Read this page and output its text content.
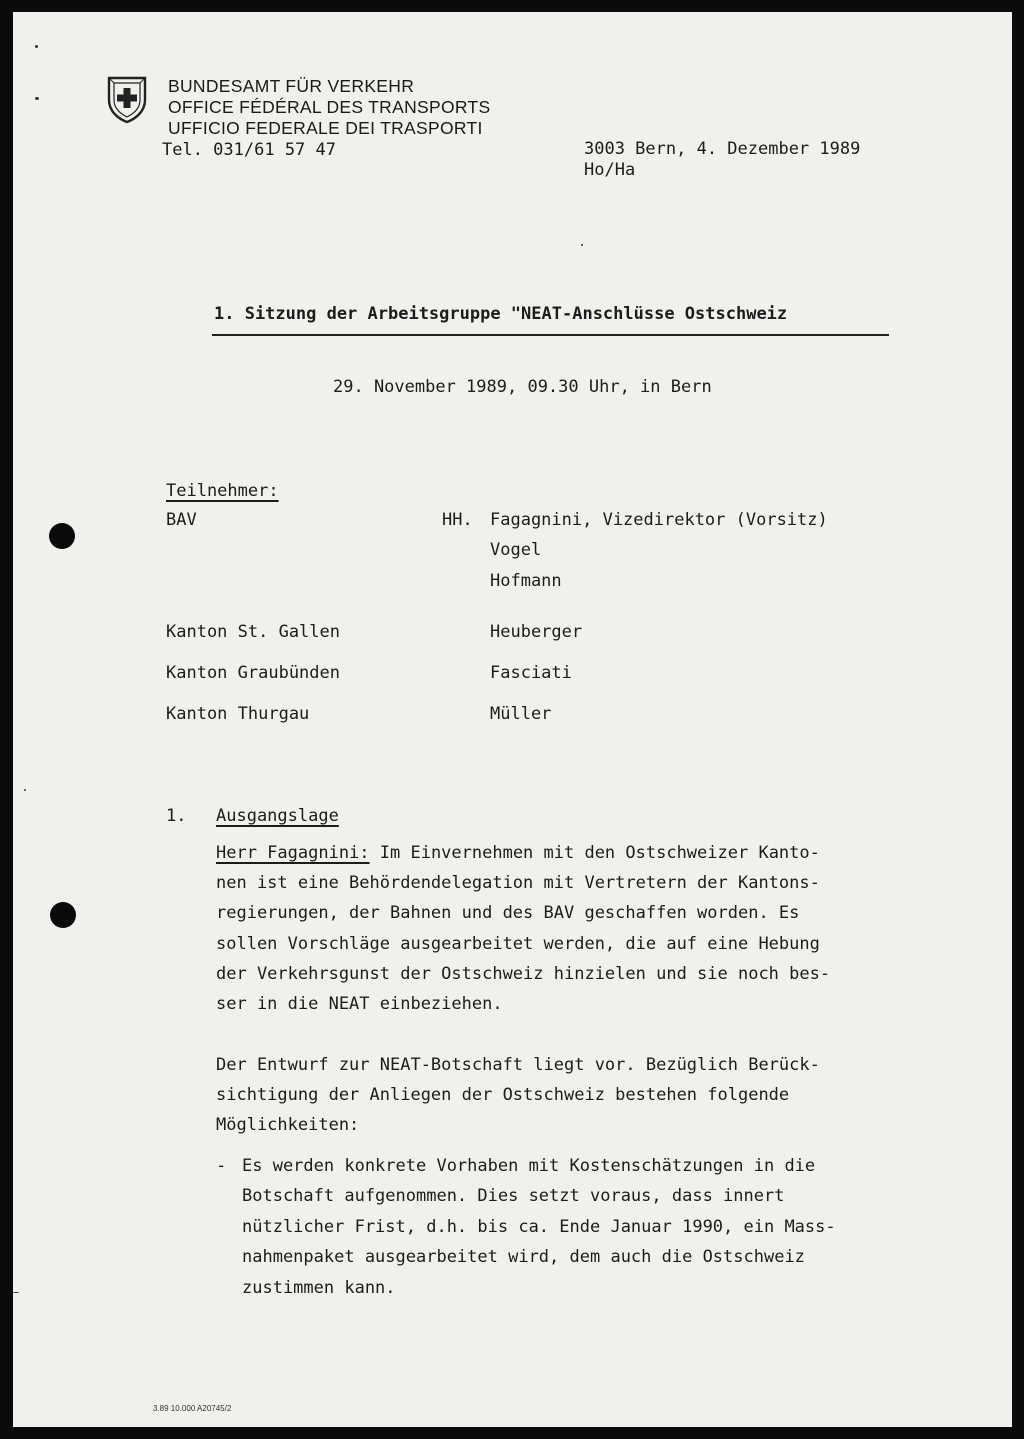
BUNDESAMT FÜR VERKEHR
OFFICE FÉDÉRAL DES TRANSPORTS
UFFICIO FEDERALE DEI TRASPORTI
Tel. 031/61 57 47	3003 Bern, 4. Dezember 1989
Ho/Ha
1. Sitzung der Arbeitsgruppe "NEAT-Anschlüsse Ostschweiz
29. November 1989, 09.30 Uhr, in Bern
Teilnehmer:
BAV	HH. Fagagnini, Vizedirektor (Vorsitz)
Vogel
Hofmann
Kanton St. Gallen	Heuberger
Kanton Graubünden	Fasciati
Kanton Thurgau	Müller
1. Ausgangslage

Herr Fagagnini: Im Einvernehmen mit den Ostschweizer Kanto-

nen ist eine Behördendelegation mit Vertretern der Kantons-

regierungen, der Bahnen und des BAV geschaffen worden. Es

sollen Vorschläge ausgearbeitet werden, die auf eine Hebung

der Verkehrsgunst der Ostschweiz hinzielen und sie noch bes-

ser in die NEAT einbeziehen.

Der Entwurf zur NEAT-Botschaft liegt vor. Bezüglich Berück-

sichtigung der Anliegen der Ostschweiz bestehen folgende

Möglichkeiten:

- Es werden konkrete Vorhaben mit Kostenschätzungen in die

Botschaft aufgenommen. Dies setzt voraus, dass innert

nützlicher Frist, d.h. bis ca. Ende Januar 1990, ein Mass-

nahmenpaket ausgearbeitet wird, dem auch die Ostschweiz

zustimmen kann.

3.89 10.000 A20745/2
